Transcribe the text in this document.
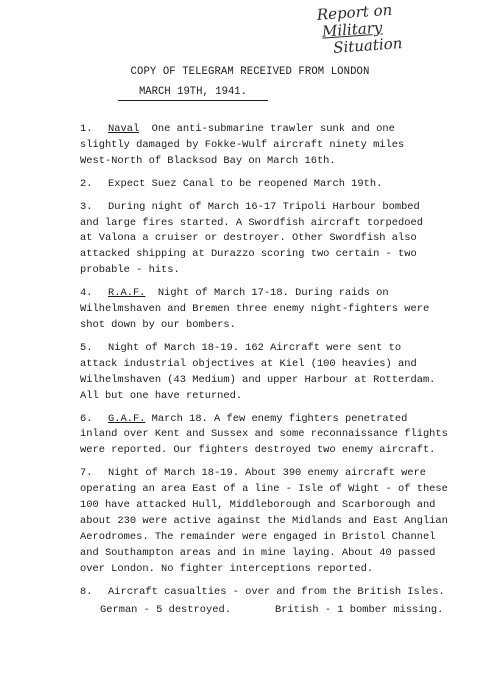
Report on
Military
Situation
COPY OF TELEGRAM RECEIVED FROM LONDON
MARCH 19TH, 1941.
1. Naval One anti-submarine trawler sunk and one
slightly damaged by Fokke-Wulf aircraft ninety miles
West-North of Blacksod Bay on March 16th.
2. Expect Suez Canal to be reopened March 19th.
3. During night of March 16-17 Tripoli Harbour bombed
and large fires started. A Swordfish aircraft torpedoed
at Valona a cruiser or destroyer. Other Swordfish also
attacked shipping at Durazzo scoring two certain - two
probable - hits.
4. R.A.F. Night of March 17-18. During raids on
Wilhelmshaven and Bremen three enemy night-fighters were
shot down by our bombers.
5. Night of March 18-19. 162 Aircraft were sent to
attack industrial objectives at Kiel (100 heavies) and
Wilhelmshaven (43 Medium) and upper Harbour at Rotterdam.
All but one have returned.
6. G.A.F. March 18. A few enemy fighters penetrated
inland over Kent and Sussex and some reconnaissance flights
were reported. Our fighters destroyed two enemy aircraft.
7. Night of March 18-19. About 390 enemy aircraft were
operating an area East of a line - Isle of Wight - of these
100 have attacked Hull, Middleborough and Scarborough and
about 230 were active against the Midlands and East Anglian
Aerodromes. The remainder were engaged in Bristol Channel
and Southampton areas and in mine laying. About 40 passed
over London. No fighter interceptions reported.
8. Aircraft casualties - over and from the British Isles.
German - 5 destroyed.	British - 1 bomber missing.
